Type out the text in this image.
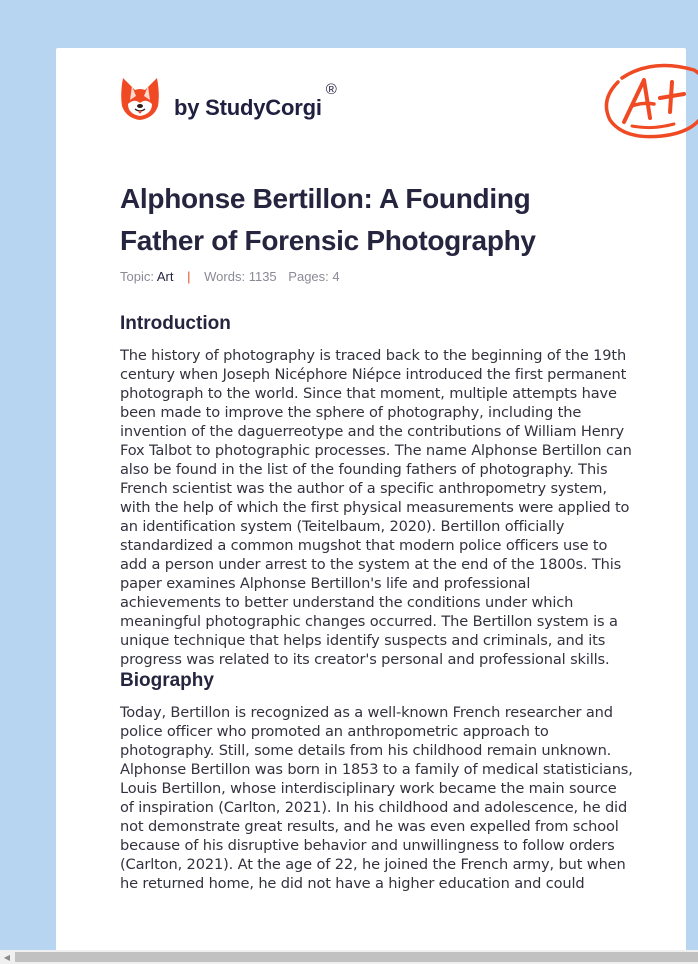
by StudyCorgi
®
Alphonse Bertillon: A Founding Father of Forensic Photography
Topic: Art | Words: 1135 Pages: 4
Introduction

The history of photography is traced back to the beginning of the 19th century when Joseph Nicéphore Niépce introduced the first permanent photograph to the world. Since that moment, multiple attempts have been made to improve the sphere of photography, including the invention of the daguerreotype and the contributions of William Henry Fox Talbot to photographic processes. The name Alphonse Bertillon can also be found in the list of the founding fathers of photography. This French scientist was the author of a specific anthropometry system, with the help of which the first physical measurements were applied to an identification system (Teitelbaum, 2020). Bertillon officially standardized a common mugshot that modern police officers use to add a person under arrest to the system at the end of the 1800s. This paper examines Alphonse Bertillon's life and professional achievements to better understand the conditions under which meaningful photographic changes occurred. The Bertillon system is a unique technique that helps identify suspects and criminals, and its progress was related to its creator's personal and professional skills.

Biography

Today, Bertillon is recognized as a well-known French researcher and police officer who promoted an anthropometric approach to photography. Still, some details from his childhood remain unknown. Alphonse Bertillon was born in 1853 to a family of medical statisticians, Louis Bertillon, whose interdisciplinary work became the main source of inspiration (Carlton, 2021). In his childhood and adolescence, he did not demonstrate great results, and he was even expelled from school because of his disruptive behavior and unwillingness to follow orders (Carlton, 2021). At the age of 22, he joined the French army, but when he returned home, he did not have a higher education and could

◀
